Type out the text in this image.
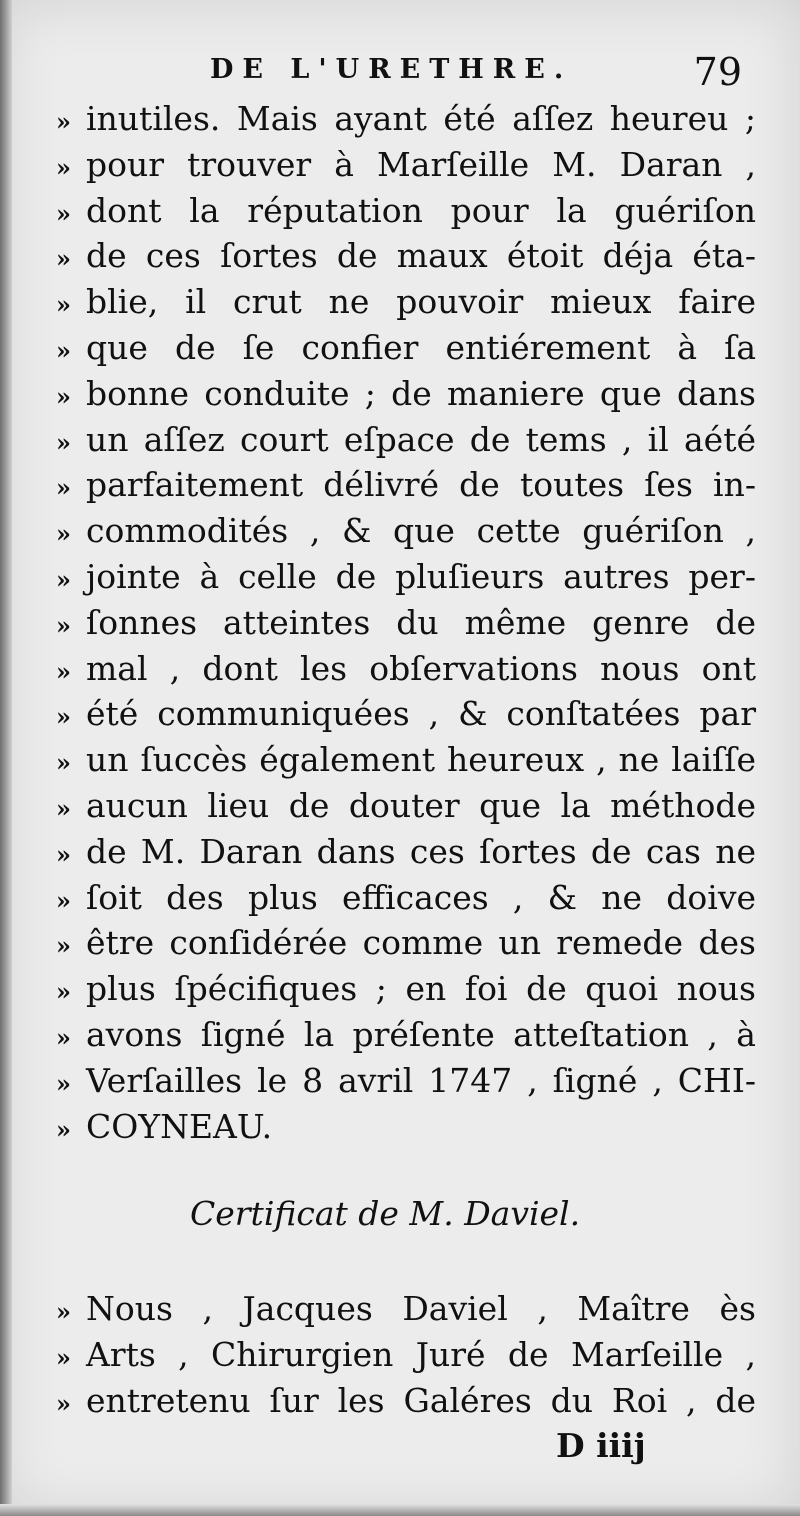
DE L'URETHRE.	79
» inutiles. Mais ayant été aſſez heureu ;
» pour trouver à Marſeille M. Daran ,
» dont la réputation pour la guériſon
» de ces ſortes de maux étoit déja éta-
» blie, il crut ne pouvoir mieux faire
» que de ſe confier entiérement à ſa
» bonne conduite ; de maniere que dans
» un aſſez court eſpace de tems , il aété
» parfaitement délivré de toutes ſes in-
» commodités , & que cette guériſon ,
» jointe à celle de pluſieurs autres per-
» ſonnes atteintes du même genre de
» mal , dont les obſervations nous ont
» été communiquées , & conſtatées par
» un ſuccès également heureux , ne laiſſe
» aucun lieu de douter que la méthode
» de M. Daran dans ces ſortes de cas ne
» ſoit des plus efficaces , & ne doive
» être conſidérée comme un remede des
» plus ſpécifiques ; en foi de quoi nous
» avons ſigné la préſente atteſtation , à
» Verſailles le 8 avril 1747 , ſigné , CHI-
» COYNEAU.
Certificat de M. Daviel.
» Nous , Jacques Daviel , Maître ès
» Arts , Chirurgien Juré de Marſeille ,
» entretenu ſur les Galéres du Roi , de
D iiij
